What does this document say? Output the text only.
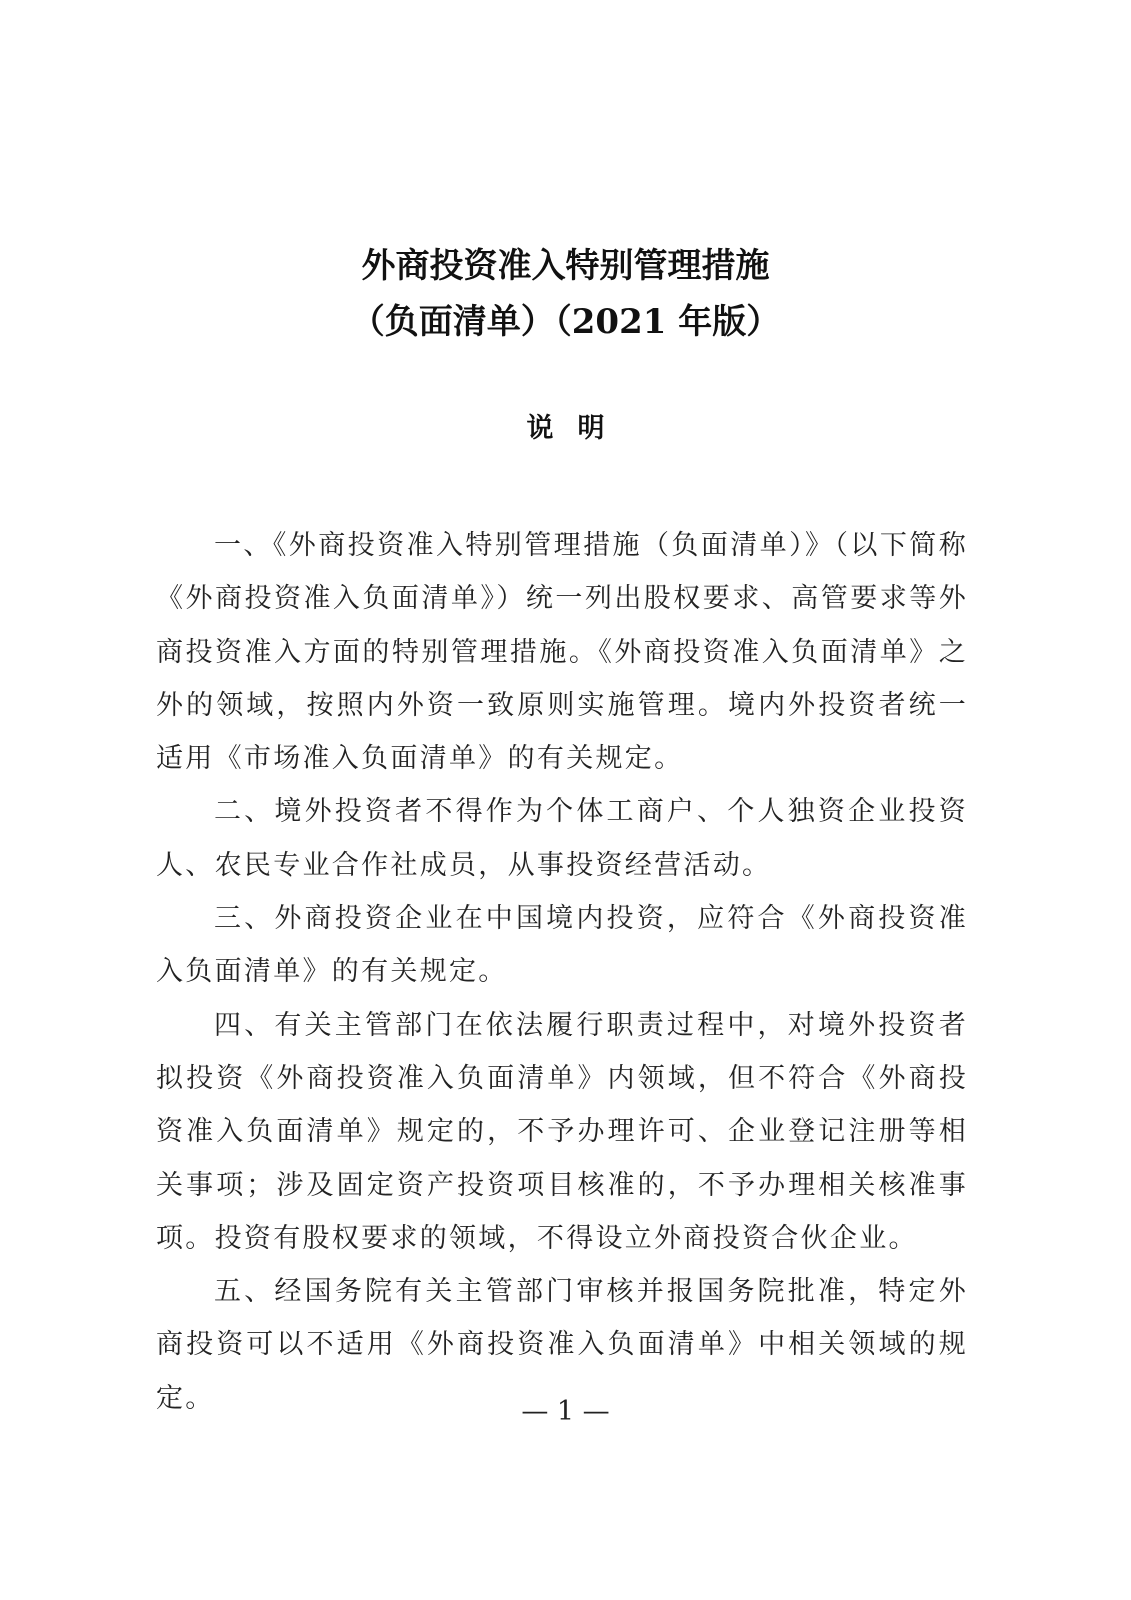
外商投资准入特别管理措施
（负面清单）（2021 年版）
说明

一、《外商投资准入特别管理措施（负面清单）》（以下简称《外商投资准入负面清单》）统一列出股权要求、高管要求等外商投资准入方面的特别管理措施。《外商投资准入负面清单》之外的领域，按照内外资一致原则实施管理。境内外投资者统一适用《市场准入负面清单》的有关规定。

二、境外投资者不得作为个体工商户、个人独资企业投资人、农民专业合作社成员，从事投资经营活动。

三、外商投资企业在中国境内投资，应符合《外商投资准入负面清单》的有关规定。

四、有关主管部门在依法履行职责过程中，对境外投资者拟投资《外商投资准入负面清单》内领域，但不符合《外商投资准入负面清单》规定的，不予办理许可、企业登记注册等相关事项；涉及固定资产投资项目核准的，不予办理相关核准事项。投资有股权要求的领域，不得设立外商投资合伙企业。

五、经国务院有关主管部门审核并报国务院批准，特定外商投资可以不适用《外商投资准入负面清单》中相关领域的规定。	— 1 —
